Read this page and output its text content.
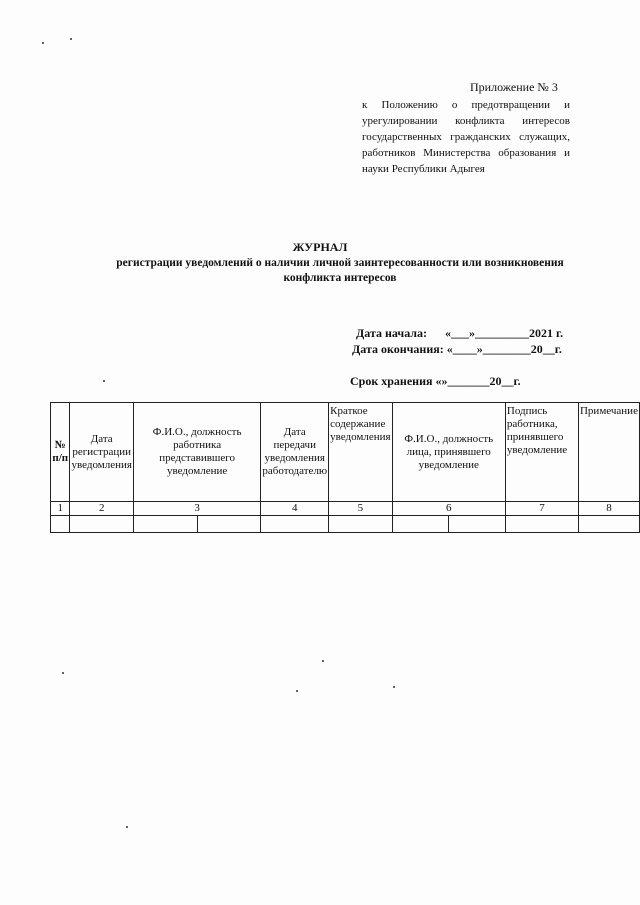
Приложение № 3
к Положению о предотвращении и урегулировании конфликта интересов государственных гражданских служащих, работников Министерства образования и науки Республики Адыгея
ЖУРНАЛ
регистрации уведомлений о наличии личной заинтересованности или возникновения конфликта интересов
Дата начала:      «___»_________2021 г.
Дата окончания: «____»________20__г.
Срок хранения «»_______20__г.
№ п/п	Дата регистрации уведомления	Ф.И.О., должность работника представившего уведомление	Дата передачи уведомления работодателю	Краткое содержание уведомления	Ф.И.О., должность лица, принявшего уведомление	Подпись работника, принявшего уведомление	Примечание
1	2	3	4	5	6	7	8
